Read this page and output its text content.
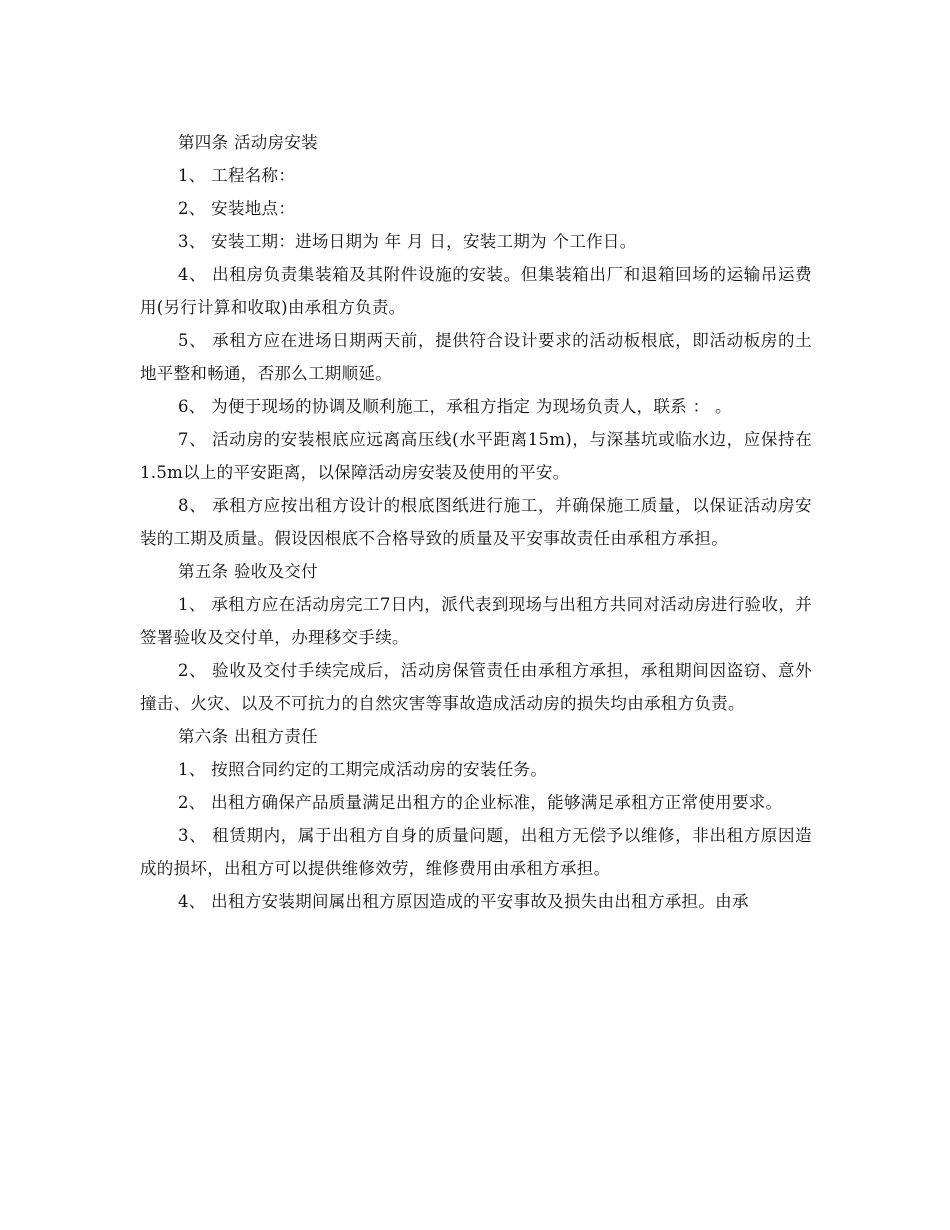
第四条 活动房安装

1、 工程名称：

2、 安装地点：

3、 安装工期：进场日期为 年 月 日，安装工期为 个工作日。

4、 出租房负责集装箱及其附件设施的安装。但集装箱出厂和退箱回场的运输吊运费用(另行计算和收取)由承租方负责。

5、 承租方应在进场日期两天前，提供符合设计要求的活动板根底，即活动板房的土地平整和畅通，否那么工期顺延。

6、 为便于现场的协调及顺利施工，承租方指定 为现场负责人，联系 ： 。

7、 活动房的安装根底应远离高压线(水平距离15m)，与深基坑或临水边，应保持在1.5m以上的平安距离，以保障活动房安装及使用的平安。

8、 承租方应按出租方设计的根底图纸进行施工，并确保施工质量，以保证活动房安装的工期及质量。假设因根底不合格导致的质量及平安事故责任由承租方承担。

第五条 验收及交付

1、 承租方应在活动房完工7日内，派代表到现场与出租方共同对活动房进行验收，并签署验收及交付单，办理移交手续。

2、 验收及交付手续完成后，活动房保管责任由承租方承担，承租期间因盗窃、意外撞击、火灾、以及不可抗力的自然灾害等事故造成活动房的损失均由承租方负责。

第六条 出租方责任

1、 按照合同约定的工期完成活动房的安装任务。

2、 出租方确保产品质量满足出租方的企业标准，能够满足承租方正常使用要求。

3、 租赁期内，属于出租方自身的质量问题，出租方无偿予以维修，非出租方原因造成的损坏，出租方可以提供维修效劳，维修费用由承租方承担。

4、 出租方安装期间属出租方原因造成的平安事故及损失由出租方承担。由承
